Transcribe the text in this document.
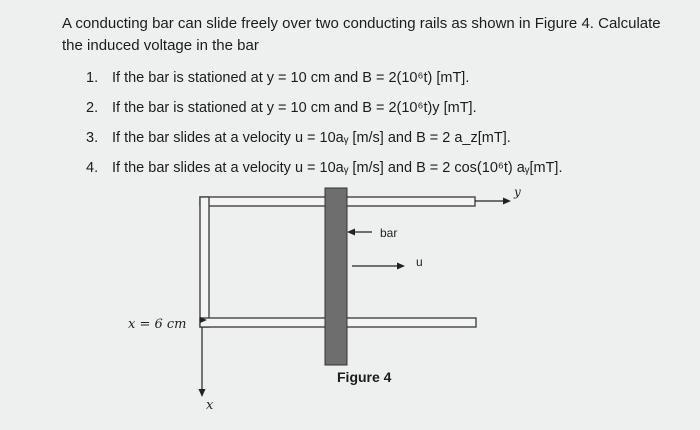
A conducting bar can slide freely over two conducting rails as shown in Figure 4. Calculate the induced voltage in the bar
1. If the bar is stationed at y = 10 cm and B = 2(10⁶t) [mT].
2. If the bar is stationed at y = 10 cm and B = 2(10⁶t)y [mT].
3. If the bar slides at a velocity u = 10aᵧ [m/s] and B = 2 a_z[mT].
4. If the bar slides at a velocity u = 10aᵧ [m/s] and B = 2 cos(10⁶t) aᵧ[mT].
bar
u
y
x
x = 6 cm
Figure 4
